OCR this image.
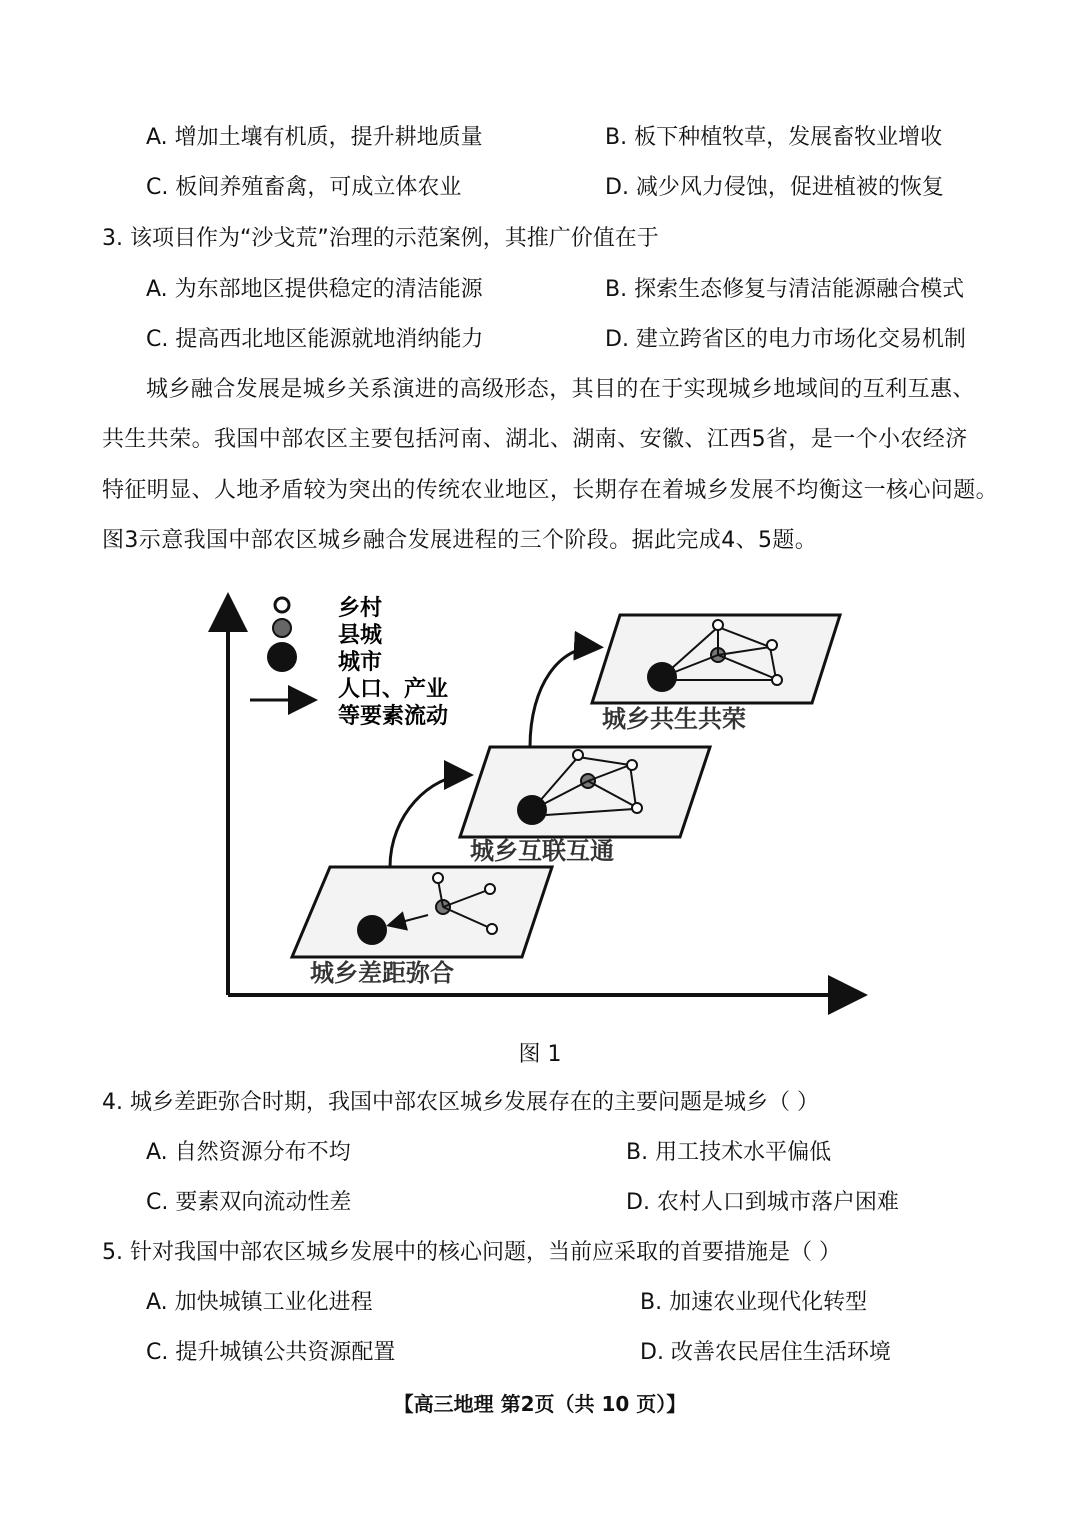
A. 增加土壤有机质，提升耕地质量	B. 板下种植牧草，发展畜牧业增收
C. 板间养殖畜禽，可成立体农业	D. 减少风力侵蚀，促进植被的恢复
3. 该项目作为“沙戈荒”治理的示范案例，其推广价值在于
A. 为东部地区提供稳定的清洁能源	B. 探索生态修复与清洁能源融合模式
C. 提高西北地区能源就地消纳能力	D. 建立跨省区的电力市场化交易机制
城乡融合发展是城乡关系演进的高级形态，其目的在于实现城乡地域间的互利互惠、
共生共荣。我国中部农区主要包括河南、湖北、湖南、安徽、江西5省，是一个小农经济
特征明显、人地矛盾较为突出的传统农业地区，长期存在着城乡发展不均衡这一核心问题。
图3示意我国中部农区城乡融合发展进程的三个阶段。据此完成4、5题。
乡村
县城
城市
人口、产业
等要素流动
城乡差距弥合
城乡互联互通
城乡共生共荣
图 1
4. 城乡差距弥合时期，我国中部农区城乡发展存在的主要问题是城乡（ ）
A. 自然资源分布不均	B. 用工技术水平偏低
C. 要素双向流动性差	D. 农村人口到城市落户困难
5. 针对我国中部农区城乡发展中的核心问题，当前应采取的首要措施是（ ）
A. 加快城镇工业化进程	B. 加速农业现代化转型
C. 提升城镇公共资源配置	D. 改善农民居住生活环境
【高三地理 第2页（共 10 页）】
